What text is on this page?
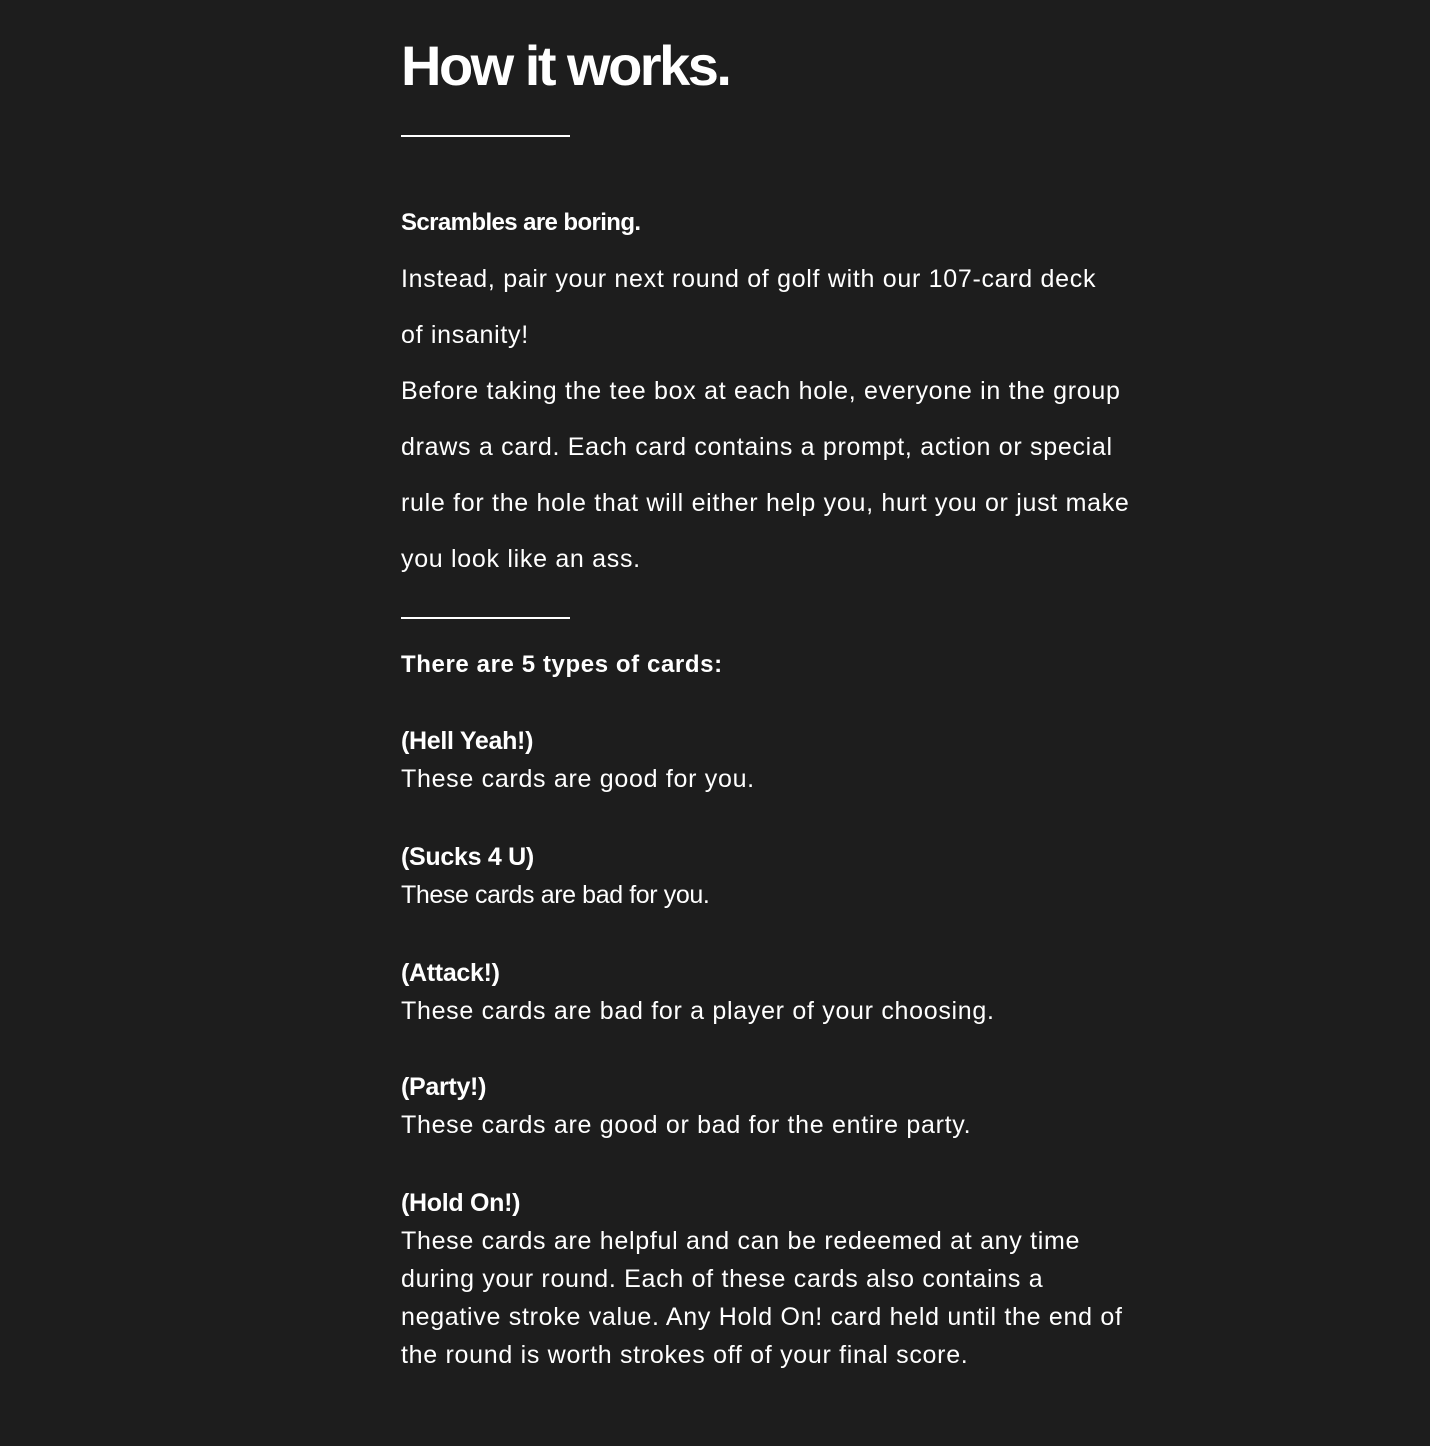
How it works.

Scrambles are boring.

Instead, pair your next round of golf with our 107-card deck of insanity!

Before taking the tee box at each hole, everyone in the group draws a card. Each card contains a prompt, action or special rule for the hole that will either help you, hurt you or just make you look like an ass.

There are 5 types of cards:

(Hell Yeah!)

These cards are good for you.

(Sucks 4 U)

These cards are bad for you.

(Attack!)

These cards are bad for a player of your choosing.

(Party!)

These cards are good or bad for the entire party.

(Hold On!)

These cards are helpful and can be redeemed at any time during your round. Each of these cards also contains a negative stroke value. Any Hold On! card held until the end of the round is worth strokes off of your final score.
